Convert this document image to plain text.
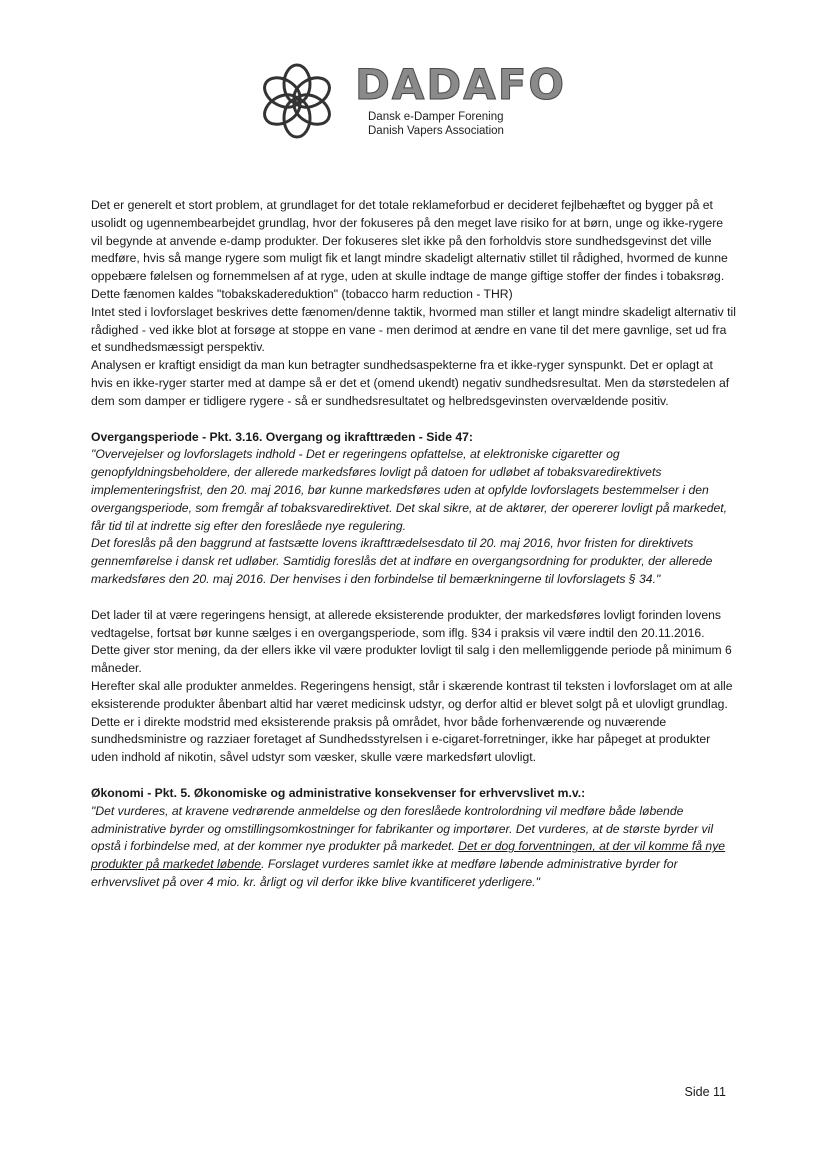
DADAFO
Dansk e-Damper Forening
Danish Vapers Association

Det er generelt et stort problem, at grundlaget for det totale reklameforbud er decideret fejlbehæftet og bygger på et usolidt og ugennembearbejdet grundlag, hvor der fokuseres på den meget lave risiko for at børn, unge og ikke-rygere vil begynde at anvende e-damp produkter. Der fokuseres slet ikke på den forholdvis store sundhedsgevinst det ville medføre, hvis så mange rygere som muligt fik et langt mindre skadeligt alternativ stillet til rådighed, hvormed de kunne oppebære følelsen og fornemmelsen af at ryge, uden at skulle indtage de mange giftige stoffer der findes i tobaksrøg. Dette fænomen kaldes "tobakskadereduktion" (tobacco harm reduction - THR)

Intet sted i lovforslaget beskrives dette fænomen/denne taktik, hvormed man stiller et langt mindre skadeligt alternativ til rådighed - ved ikke blot at forsøge at stoppe en vane - men derimod at ændre en vane til det mere gavnlige, set ud fra et sundhedsmæssigt perspektiv.

Analysen er kraftigt ensidigt da man kun betragter sundhedsaspekterne fra et ikke-ryger synspunkt. Det er oplagt at hvis en ikke-ryger starter med at dampe så er det et (omend ukendt) negativ sundhedsresultat. Men da størstedelen af dem som damper er tidligere rygere - så er sundhedsresultatet og helbredsgevinsten overvældende positiv.

Overgangsperiode - Pkt. 3.16. Overgang og ikrafttræden - Side 47:

"Overvejelser og lovforslagets indhold - Det er regeringens opfattelse, at elektroniske cigaretter og genopfyldningsbeholdere, der allerede markedsføres lovligt på datoen for udløbet af tobaksvaredirektivets implementeringsfrist, den 20. maj 2016, bør kunne markedsføres uden at opfylde lovforslagets bestemmelser i den overgangsperiode, som fremgår af tobaksvaredirektivet. Det skal sikre, at de aktører, der opererer lovligt på markedet, får tid til at indrette sig efter den foreslåede nye regulering.

Det foreslås på den baggrund at fastsætte lovens ikrafttrædelsesdato til 20. maj 2016, hvor fristen for direktivets gennemførelse i dansk ret udløber. Samtidig foreslås det at indføre en overgangsordning for produkter, der allerede markedsføres den 20. maj 2016. Der henvises i den forbindelse til bemærkningerne til lovforslagets § 34."

Det lader til at være regeringens hensigt, at allerede eksisterende produkter, der markedsføres lovligt forinden lovens vedtagelse, fortsat bør kunne sælges i en overgangsperiode, som iflg. §34 i praksis vil være indtil den 20.11.2016. Dette giver stor mening, da der ellers ikke vil være produkter lovligt til salg i den mellemliggende periode på minimum 6 måneder.

Herefter skal alle produkter anmeldes. Regeringens hensigt, står i skærende kontrast til teksten i lovforslaget om at alle eksisterende produkter åbenbart altid har været medicinsk udstyr, og derfor altid er blevet solgt på et ulovligt grundlag. Dette er i direkte modstrid med eksisterende praksis på området, hvor både forhenværende og nuværende sundhedsministre og razziaer foretaget af Sundhedsstyrelsen i e-cigaret-forretninger, ikke har påpeget at produkter uden indhold af nikotin, såvel udstyr som væsker, skulle være markedsført ulovligt.

Økonomi - Pkt. 5. Økonomiske og administrative konsekvenser for erhvervslivet m.v.:

"Det vurderes, at kravene vedrørende anmeldelse og den foreslåede kontrolordning vil medføre både løbende administrative byrder og omstillingsomkostninger for fabrikanter og importører. Det vurderes, at de største byrder vil opstå i forbindelse med, at der kommer nye produkter på markedet. Det er dog forventningen, at der vil komme få nye produkter på markedet løbende. Forslaget vurderes samlet ikke at medføre løbende administrative byrder for erhvervslivet på over 4 mio. kr. årligt og vil derfor ikke blive kvantificeret yderligere."

Side 11
